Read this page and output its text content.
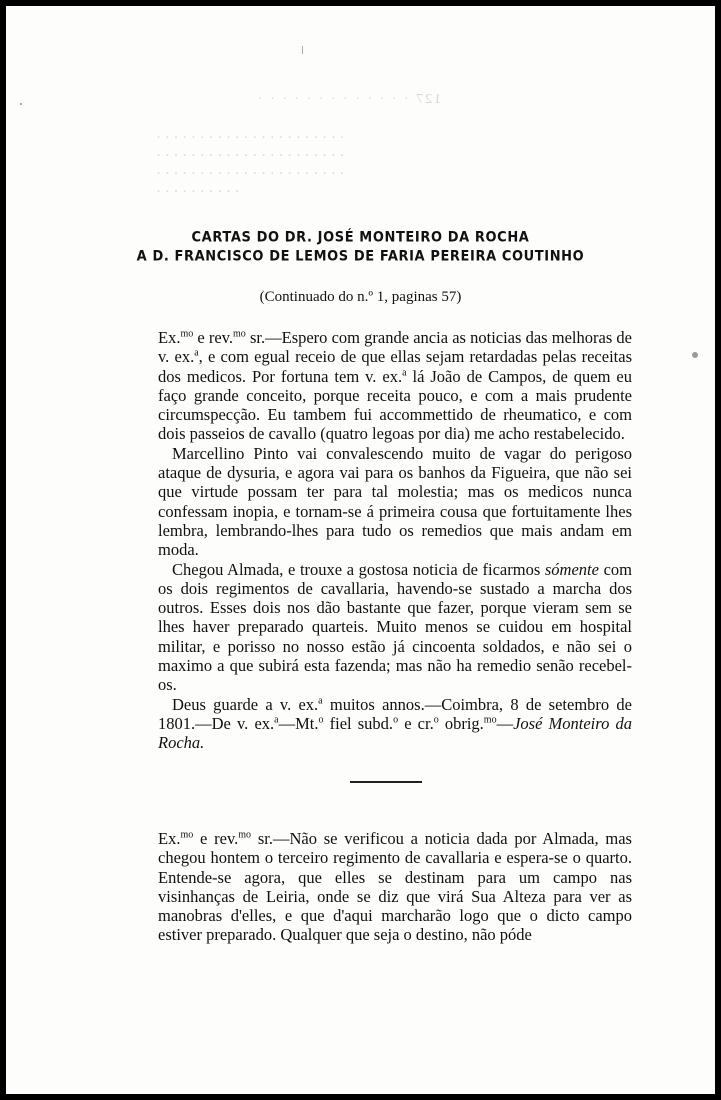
127 · · · · · · · · · · · · ·
· · · · · · · · · · · · · · · · · · · · · ·
· · · · · · · · · · · · · · · · · · · · · ·
· · · · · · · · · · · · · · · · · · · · · ·
· · · · · · · · · ·
CARTAS DO DR. JOSÉ MONTEIRO DA ROCHA
A D. FRANCISCO DE LEMOS DE FARIA PEREIRA COUTINHO
(Continuado do n.º 1, paginas 57)

Ex.$^{mo}$ e rev.$^{mo}$ sr.—Espero com grande ancia as noticias das melhoras de v. ex.$^a$, e com egual receio de que ellas sejam retardadas pelas receitas dos medicos. Por fortuna tem v. ex.$^a$ lá João de Campos, de quem eu faço grande conceito, porque receita pouco, e com a mais prudente circumspecção. Eu tambem fui accommettido de rheumatico, e com dois passeios de cavallo (quatro legoas por dia) me acho restabelecido.

Marcellino Pinto vai convalescendo muito de vagar do perigoso ataque de dysuria, e agora vai para os banhos da Figueira, que não sei que virtude possam ter para tal molestia; mas os medicos nunca confessam inopia, e tornam-se á primeira cousa que fortuitamente lhes lembra, lembrando-lhes para tudo os remedios que mais andam em moda.

Chegou Almada, e trouxe a gostosa noticia de ficarmos sómente com os dois regimentos de cavallaria, havendo-se sustado a marcha dos outros. Esses dois nos dão bastante que fazer, porque vieram sem se lhes haver preparado quarteis. Muito menos se cuidou em hospital militar, e porisso no nosso estão já cincoenta soldados, e não sei o maximo a que subirá esta fazenda; mas não ha remedio senão recebel-os.

Deus guarde a v. ex.$^a$ muitos annos.—Coimbra, 8 de setembro de 1801.—De v. ex.$^a$—Mt.$^o$ fiel subd.$^o$ e cr.$^o$ obrig.$^{mo}$—José Monteiro da Rocha.

Ex.$^{mo}$ e rev.$^{mo}$ sr.—Não se verificou a noticia dada por Almada, mas chegou hontem o terceiro regimento de cavallaria e espera-se o quarto. Entende-se agora, que elles se destinam para um campo nas visinhanças de Leiria, onde se diz que virá Sua Alteza para ver as manobras d'elles, e que d'aqui marcharão logo que o dicto campo estiver preparado. Qualquer que seja o destino, não póde
